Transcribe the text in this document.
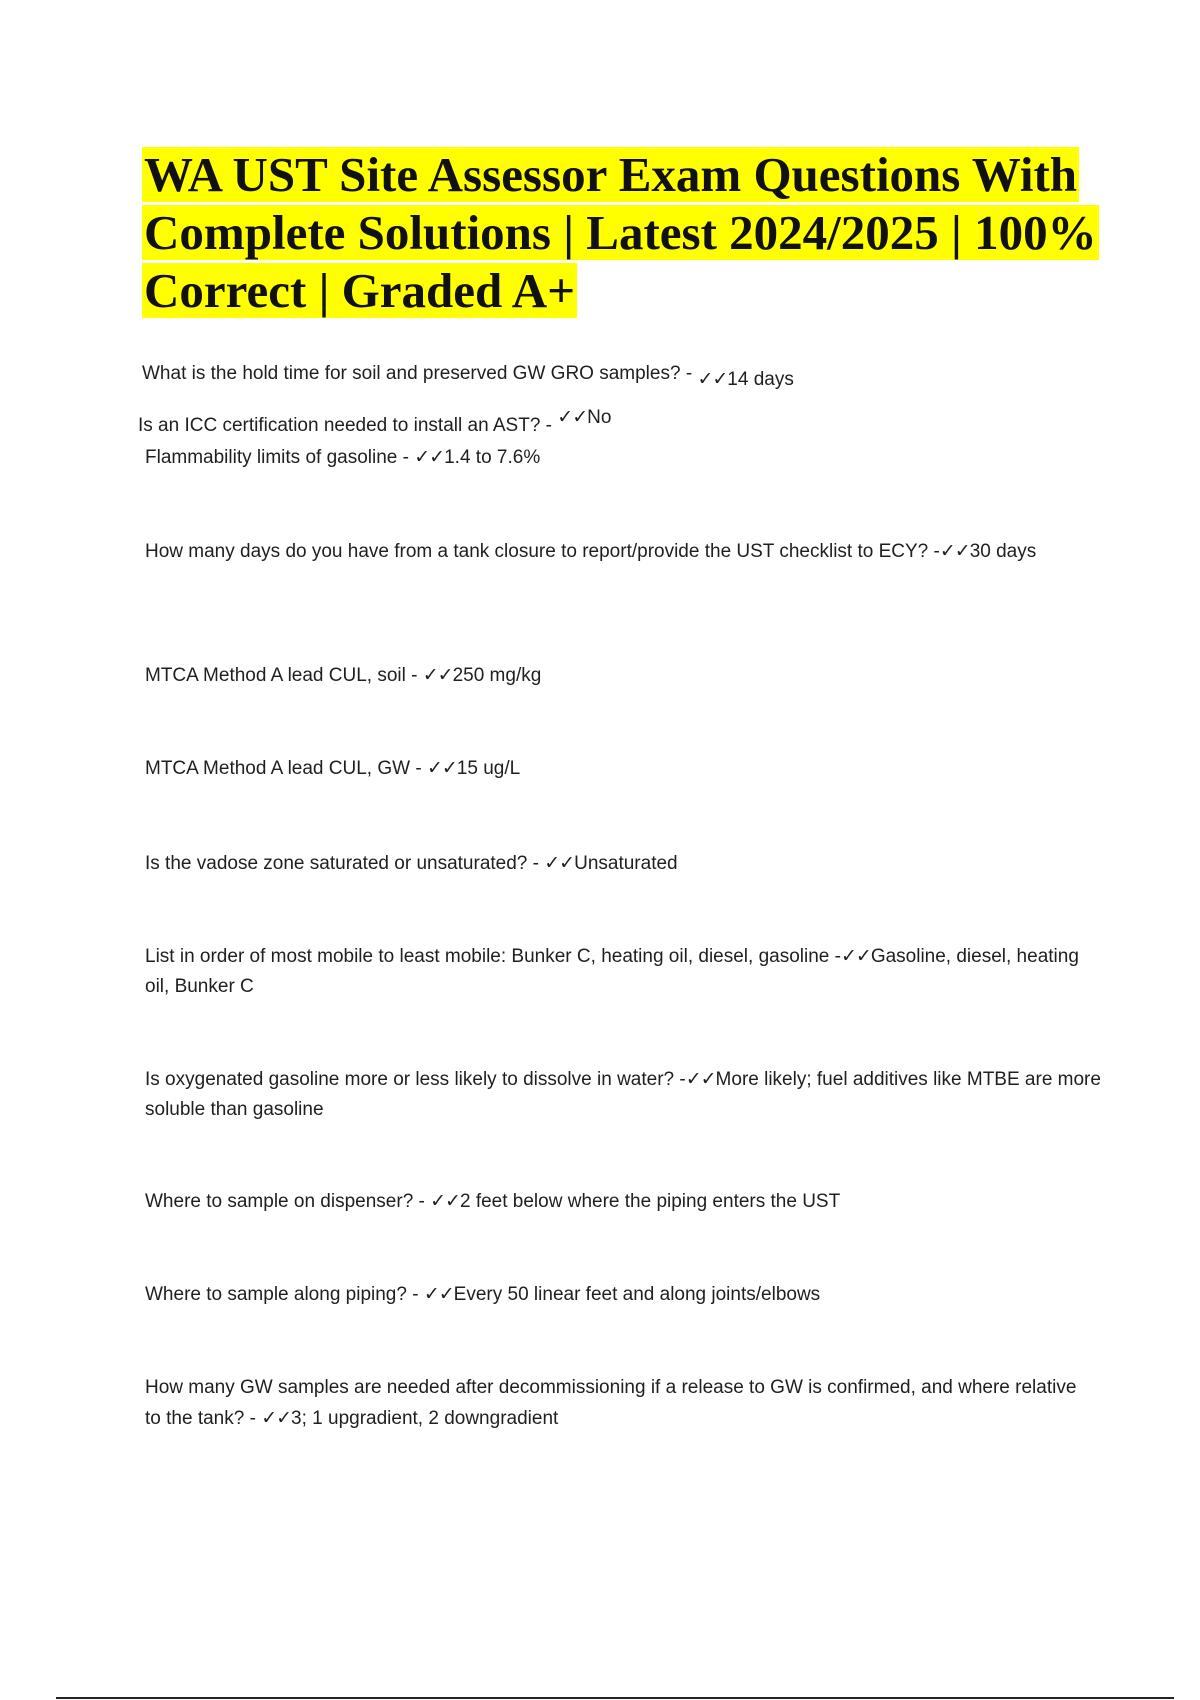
WA UST Site Assessor Exam Questions With Complete Solutions | Latest 2024/2025 | 100% Correct | Graded A+
What is the hold time for soil and preserved GW GRO samples? - ✓✓14 days
Is an ICC certification needed to install an AST? - ✓✓No
Flammability limits of gasoline - ✓✓1.4 to 7.6%
How many days do you have from a tank closure to report/provide the UST checklist to ECY? -✓✓30 days
MTCA Method A lead CUL, soil - ✓✓250 mg/kg
MTCA Method A lead CUL, GW - ✓✓15 ug/L
Is the vadose zone saturated or unsaturated? - ✓✓Unsaturated
List in order of most mobile to least mobile: Bunker C, heating oil, diesel, gasoline -✓✓Gasoline, diesel, heating oil, Bunker C
Is oxygenated gasoline more or less likely to dissolve in water? -✓✓More likely; fuel additives like MTBE are more soluble than gasoline
Where to sample on dispenser? - ✓✓2 feet below where the piping enters the UST
Where to sample along piping? - ✓✓Every 50 linear feet and along joints/elbows
How many GW samples are needed after decommissioning if a release to GW is confirmed, and where relative to the tank? - ✓✓3; 1 upgradient, 2 downgradient
